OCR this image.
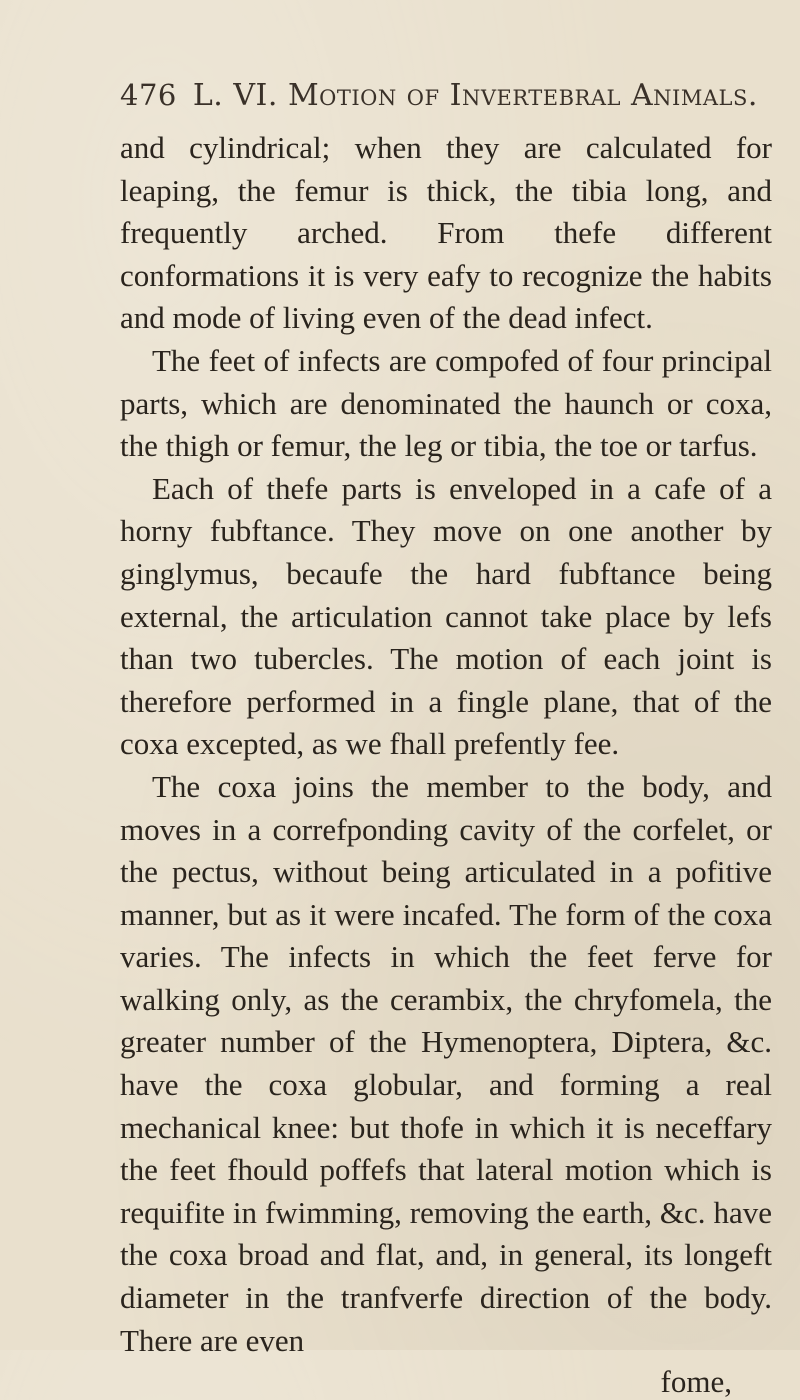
476 L. VI. Motion of Invertebral Animals.

and cylindrical; when they are calculated for leaping, the femur is thick, the tibia long, and frequently arched. From thefe different conformations it is very eafy to recognize the habits and mode of living even of the dead infect.

The feet of infects are compofed of four principal parts, which are denominated the haunch or coxa, the thigh or femur, the leg or tibia, the toe or tarfus.

Each of thefe parts is enveloped in a cafe of a horny fubftance. They move on one another by ginglymus, becaufe the hard fubftance being external, the articulation cannot take place by lefs than two tubercles. The motion of each joint is therefore performed in a fingle plane, that of the coxa excepted, as we fhall prefently fee.

The coxa joins the member to the body, and moves in a correfponding cavity of the corfelet, or the pectus, without being articulated in a pofitive manner, but as it were incafed. The form of the coxa varies. The infects in which the feet ferve for walking only, as the cerambix, the chryfomela, the greater number of the Hymenoptera, Diptera, &c. have the coxa globular, and forming a real mechanical knee: but thofe in which it is neceffary the feet fhould poffefs that lateral motion which is requifite in fwimming, removing the earth, &c. have the coxa broad and flat, and, in general, its longeft diameter in the tranfverfe direction of the body. There are even

fome,
